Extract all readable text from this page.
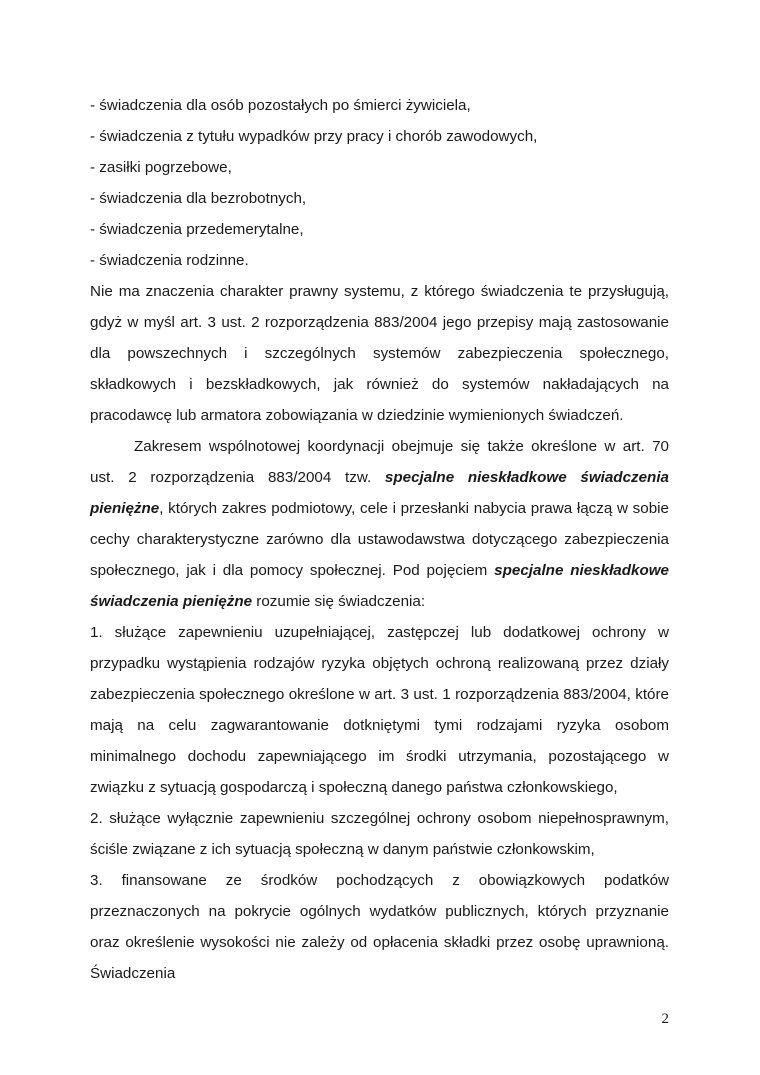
- świadczenia dla osób pozostałych po śmierci żywiciela,

- świadczenia z tytułu wypadków przy pracy i chorób zawodowych,

- zasiłki pogrzebowe,

- świadczenia dla bezrobotnych,

- świadczenia przedemerytalne,

- świadczenia rodzinne.

Nie ma znaczenia charakter prawny systemu, z którego świadczenia te przysługują, gdyż w myśl art. 3 ust. 2 rozporządzenia 883/2004 jego przepisy mają zastosowanie dla powszechnych i szczególnych systemów zabezpieczenia społecznego, składkowych i bezskładkowych, jak również do systemów nakładających na pracodawcę lub armatora zobowiązania w dziedzinie wymienionych świadczeń.

Zakresem wspólnotowej koordynacji obejmuje się także określone w art. 70 ust. 2 rozporządzenia 883/2004 tzw. specjalne nieskładkowe świadczenia pieniężne, których zakres podmiotowy, cele i przesłanki nabycia prawa łączą w sobie cechy charakterystyczne zarówno dla ustawodawstwa dotyczącego zabezpieczenia społecznego, jak i dla pomocy społecznej. Pod pojęciem specjalne nieskładkowe świadczenia pieniężne rozumie się świadczenia:

1. służące zapewnieniu uzupełniającej, zastępczej lub dodatkowej ochrony w przypadku wystąpienia rodzajów ryzyka objętych ochroną realizowaną przez działy zabezpieczenia społecznego określone w art. 3 ust. 1 rozporządzenia 883/2004, które mają na celu zagwarantowanie dotkniętymi tymi rodzajami ryzyka osobom minimalnego dochodu zapewniającego im środki utrzymania, pozostającego w związku z sytuacją gospodarczą i społeczną danego państwa członkowskiego,

2. służące wyłącznie zapewnieniu szczególnej ochrony osobom niepełnosprawnym, ściśle związane z ich sytuacją społeczną w danym państwie członkowskim,

3. finansowane ze środków pochodzących z obowiązkowych podatków przeznaczonych na pokrycie ogólnych wydatków publicznych, których przyznanie oraz określenie wysokości nie zależy od opłacenia składki przez osobę uprawnioną. Świadczenia

2
